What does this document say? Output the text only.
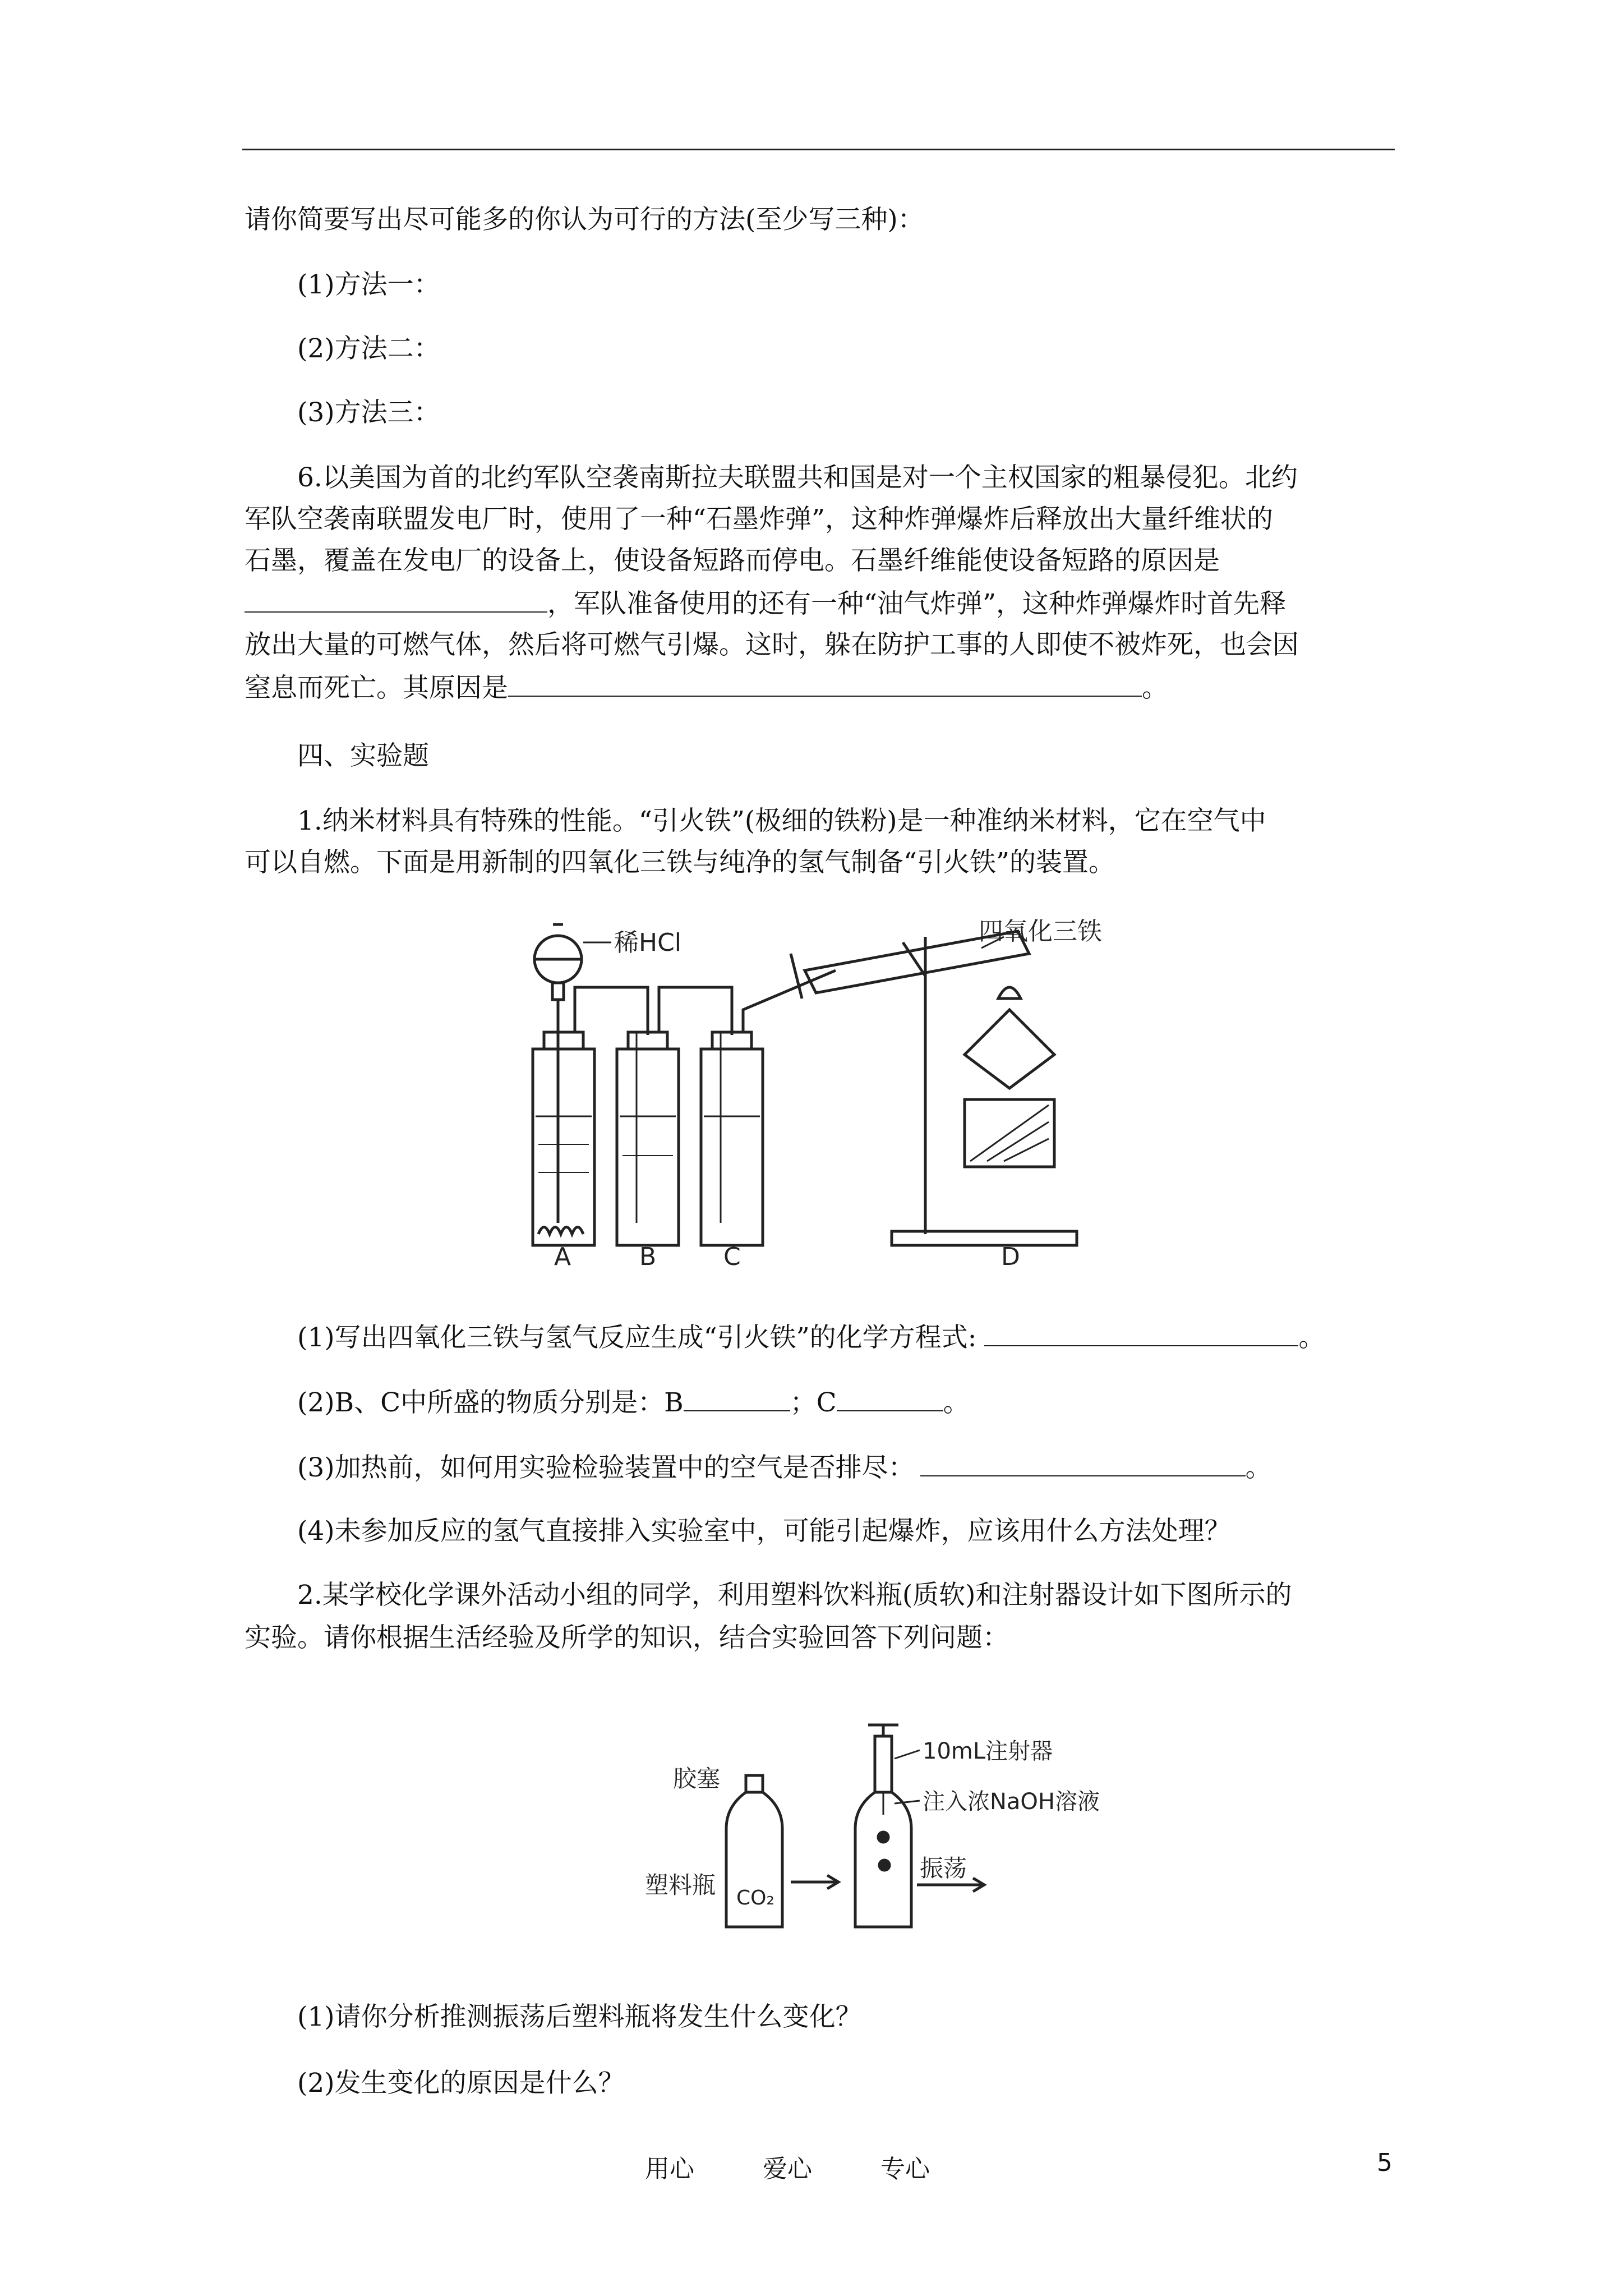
请你简要写出尽可能多的你认为可行的方法(至少写三种)：
(1)方法一：
(2)方法二：
(3)方法三：
6.以美国为首的北约军队空袭南斯拉夫联盟共和国是对一个主权国家的粗暴侵犯。北约
军队空袭南联盟发电厂时，使用了一种“石墨炸弹”，这种炸弹爆炸后释放出大量纤维状的
石墨，覆盖在发电厂的设备上，使设备短路而停电。石墨纤维能使设备短路的原因是
，军队准备使用的还有一种“油气炸弹”，这种炸弹爆炸时首先释
放出大量的可燃气体，然后将可燃气引爆。这时，躲在防护工事的人即使不被炸死，也会因
窒息而死亡。其原因是	。
四、实验题
1.纳米材料具有特殊的性能。“引火铁”(极细的铁粉)是一种准纳米材料，它在空气中
可以自燃。下面是用新制的四氧化三铁与纯净的氢气制备“引火铁”的装置。
稀HCl	四氧化三铁
A	B	C	D
(1)写出四氧化三铁与氢气反应生成“引火铁”的化学方程式:	。
(2)B、C中所盛的物质分别是：B	；C	。
(3)加热前，如何用实验检验装置中的空气是否排尽：	。
(4)未参加反应的氢气直接排入实验室中，可能引起爆炸，应该用什么方法处理？
2.某学校化学课外活动小组的同学，利用塑料饮料瓶(质软)和注射器设计如下图所示的
实验。请你根据生活经验及所学的知识，结合实验回答下列问题：
胶塞
塑料瓶 CO₂
10mL注射器
注入浓NaOH溶液
振荡
(1)请你分析推测振荡后塑料瓶将发生什么变化？
(2)发生变化的原因是什么？
用心	爱心	专心	5
